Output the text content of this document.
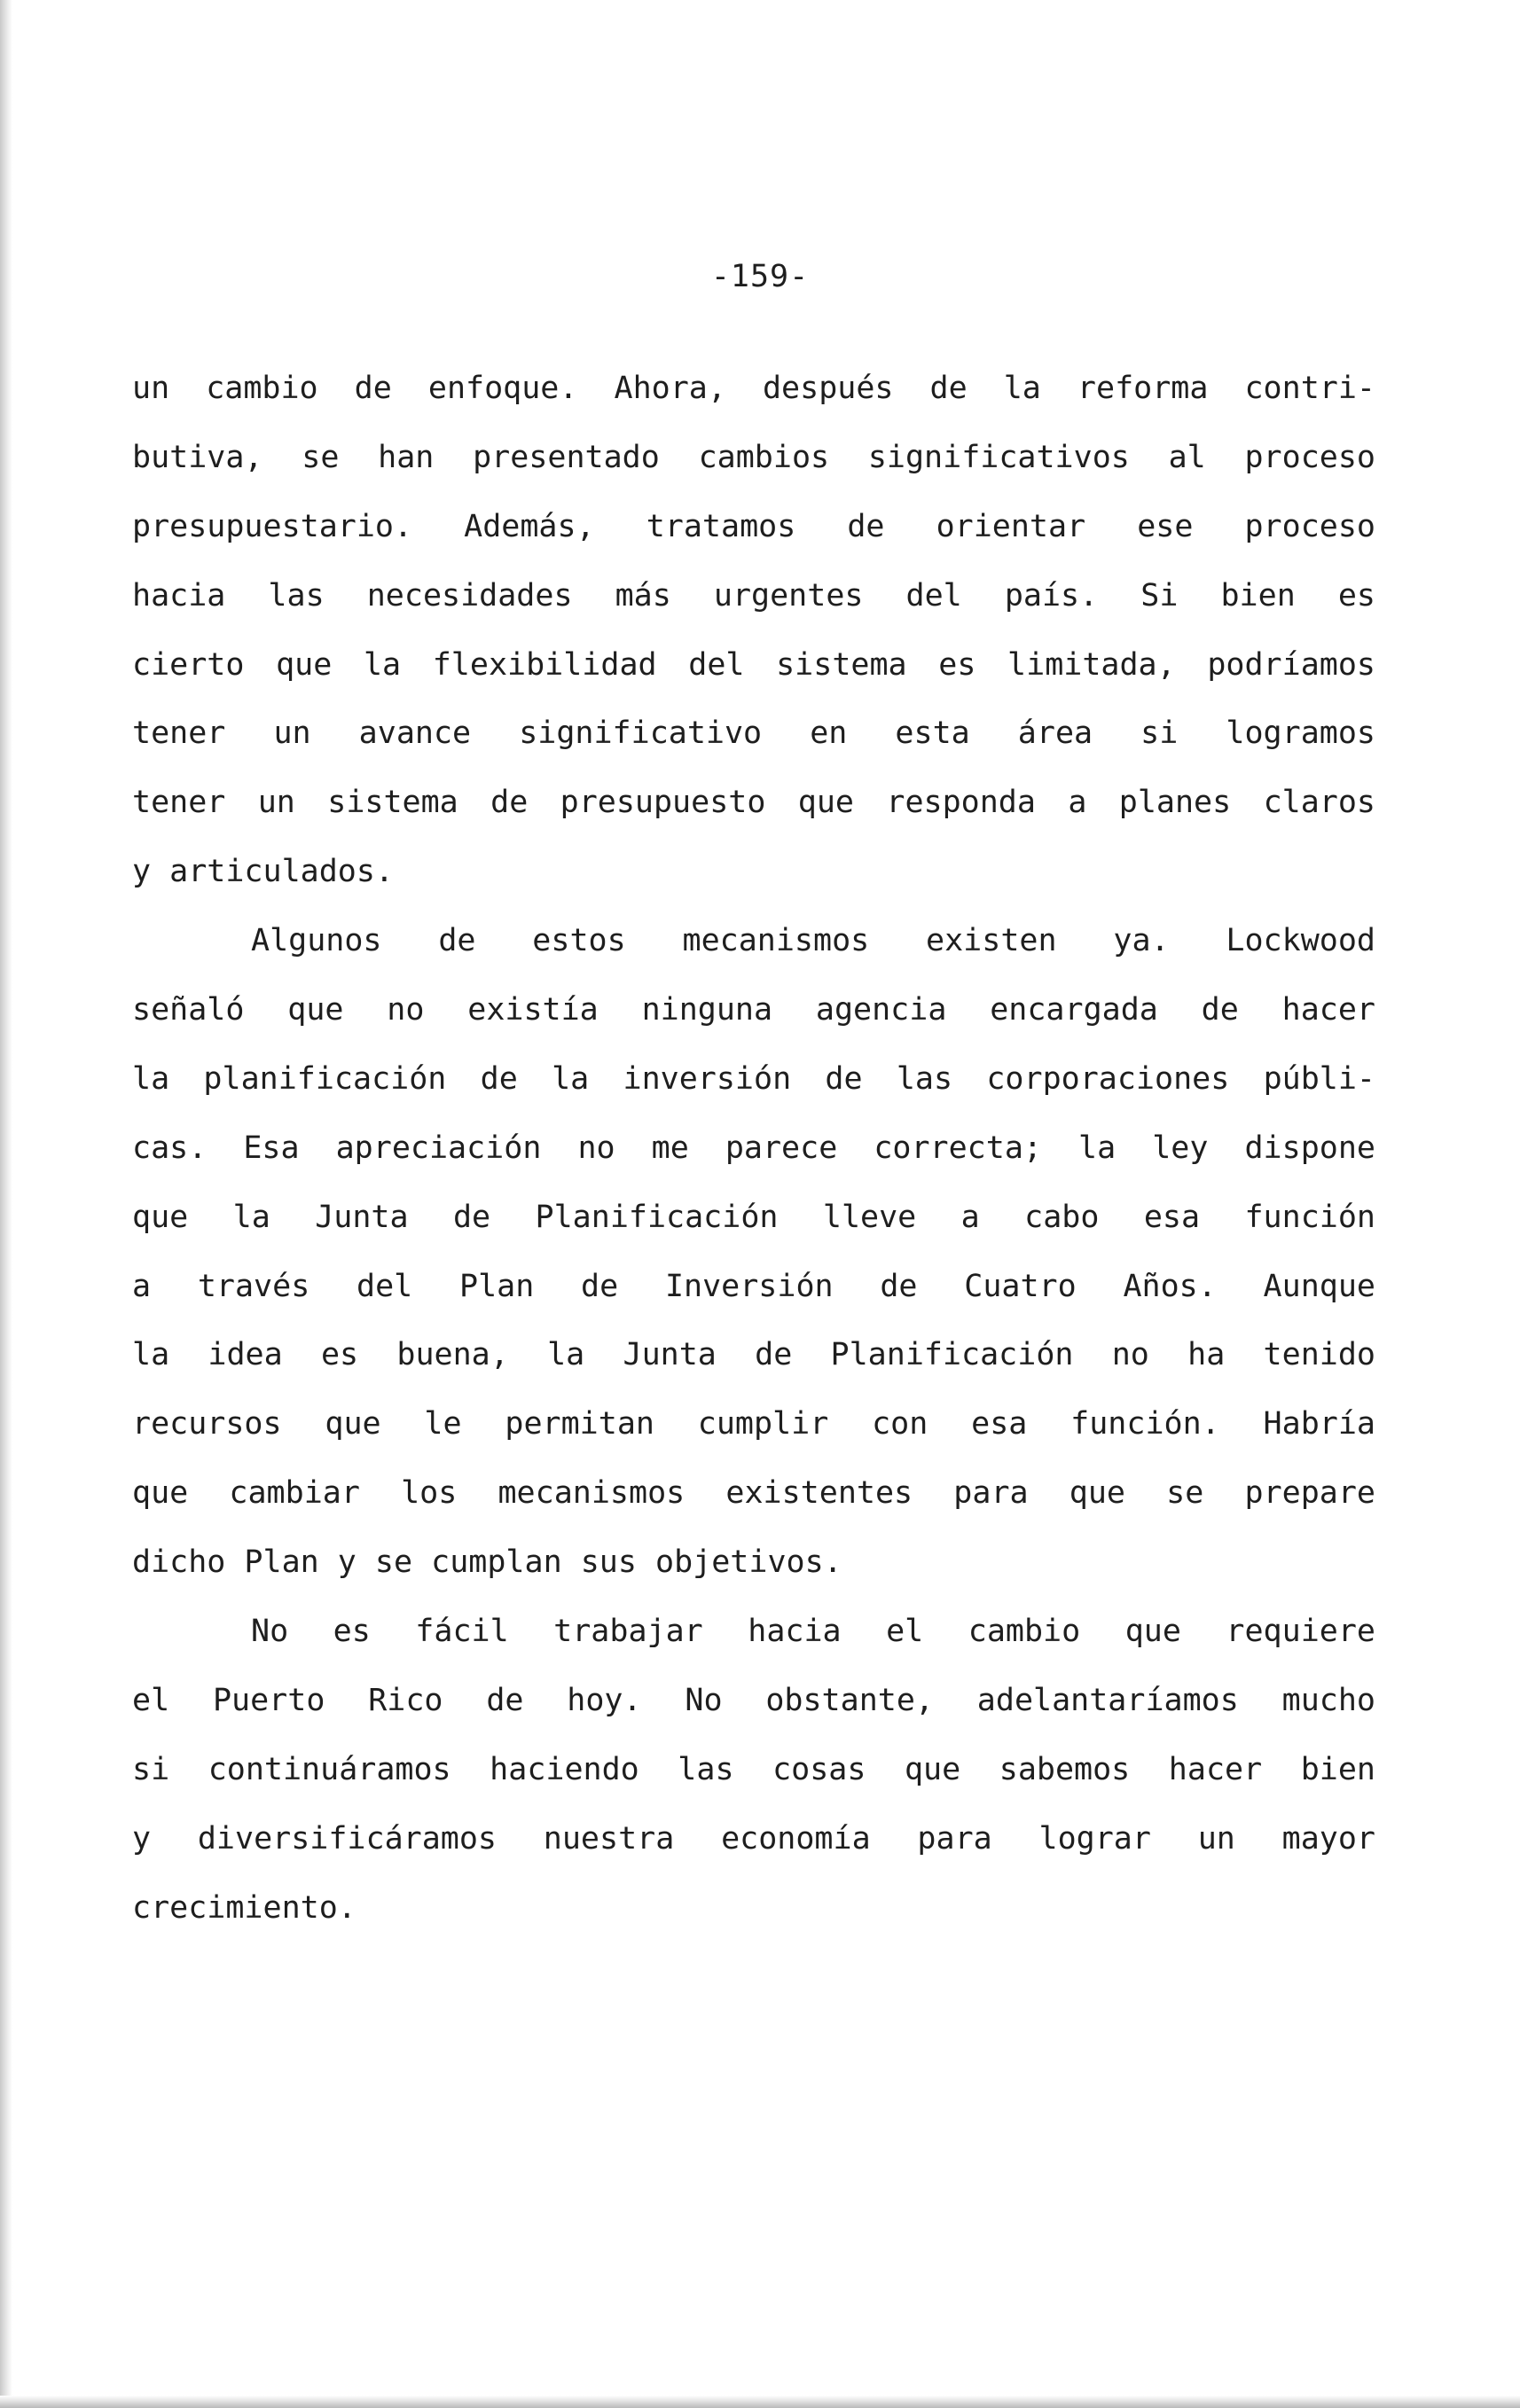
-159-

un cambio de enfoque. Ahora, después de la reforma contri-
butiva, se han presentado cambios significativos al proceso
presupuestario. Además, tratamos de orientar ese proceso
hacia las necesidades más urgentes del país. Si bien es
cierto que la flexibilidad del sistema es limitada, podríamos
tener un avance significativo en esta área si logramos
tener un sistema de presupuesto que responda a planes claros
y articulados.
Algunos de estos mecanismos existen ya. Lockwood
señaló que no existía ninguna agencia encargada de hacer
la planificación de la inversión de las corporaciones públi-
cas. Esa apreciación no me parece correcta; la ley dispone
que la Junta de Planificación lleve a cabo esa función
a través del Plan de Inversión de Cuatro Años. Aunque
la idea es buena, la Junta de Planificación no ha tenido
recursos que le permitan cumplir con esa función. Habría
que cambiar los mecanismos existentes para que se prepare
dicho Plan y se cumplan sus objetivos.
No es fácil trabajar hacia el cambio que requiere
el Puerto Rico de hoy. No obstante, adelantaríamos mucho
si continuáramos haciendo las cosas que sabemos hacer bien
y diversificáramos nuestra economía para lograr un mayor
crecimiento.
